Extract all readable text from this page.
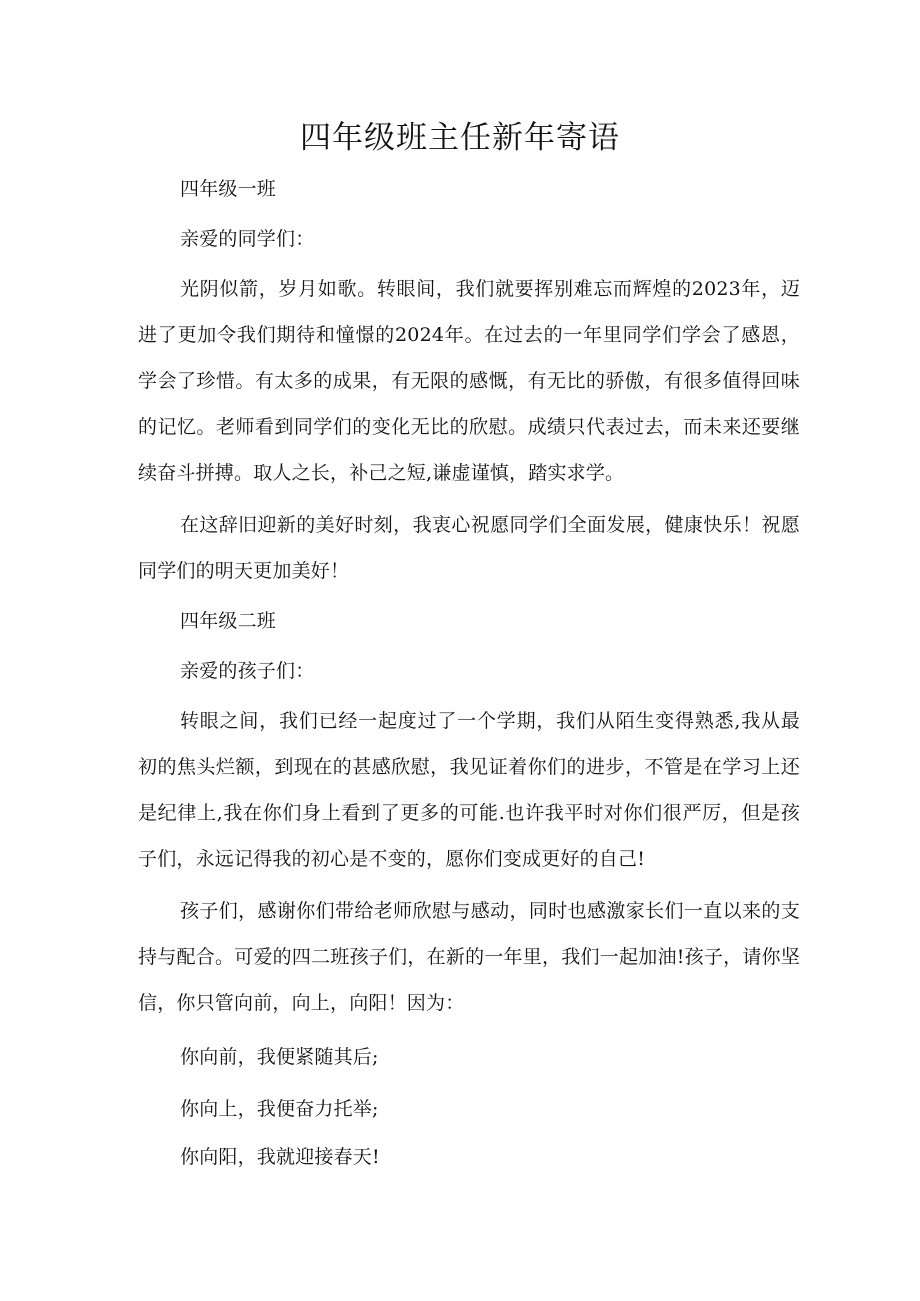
四年级班主任新年寄语

四年级一班

亲爱的同学们：

光阴似箭，岁月如歌。转眼间，我们就要挥别难忘而辉煌的2023年，迈进了更加令我们期待和憧憬的2024年。在过去的一年里同学们学会了感恩，学会了珍惜。有太多的成果，有无限的感慨，有无比的骄傲，有很多值得回味的记忆。老师看到同学们的变化无比的欣慰。成绩只代表过去，而未来还要继续奋斗拼搏。取人之长，补己之短,谦虚谨慎，踏实求学。

在这辞旧迎新的美好时刻，我衷心祝愿同学们全面发展，健康快乐！祝愿同学们的明天更加美好！

四年级二班

亲爱的孩子们：

转眼之间，我们已经一起度过了一个学期，我们从陌生变得熟悉,我从最初的焦头烂额，到现在的甚感欣慰，我见证着你们的进步，不管是在学习上还是纪律上,我在你们身上看到了更多的可能.也许我平时对你们很严厉，但是孩子们，永远记得我的初心是不变的，愿你们变成更好的自己!

孩子们，感谢你们带给老师欣慰与感动，同时也感激家长们一直以来的支持与配合。可爱的四二班孩子们，在新的一年里，我们一起加油!孩子，请你坚信，你只管向前，向上，向阳！因为：

你向前，我便紧随其后;

你向上，我便奋力托举;

你向阳，我就迎接春天!
